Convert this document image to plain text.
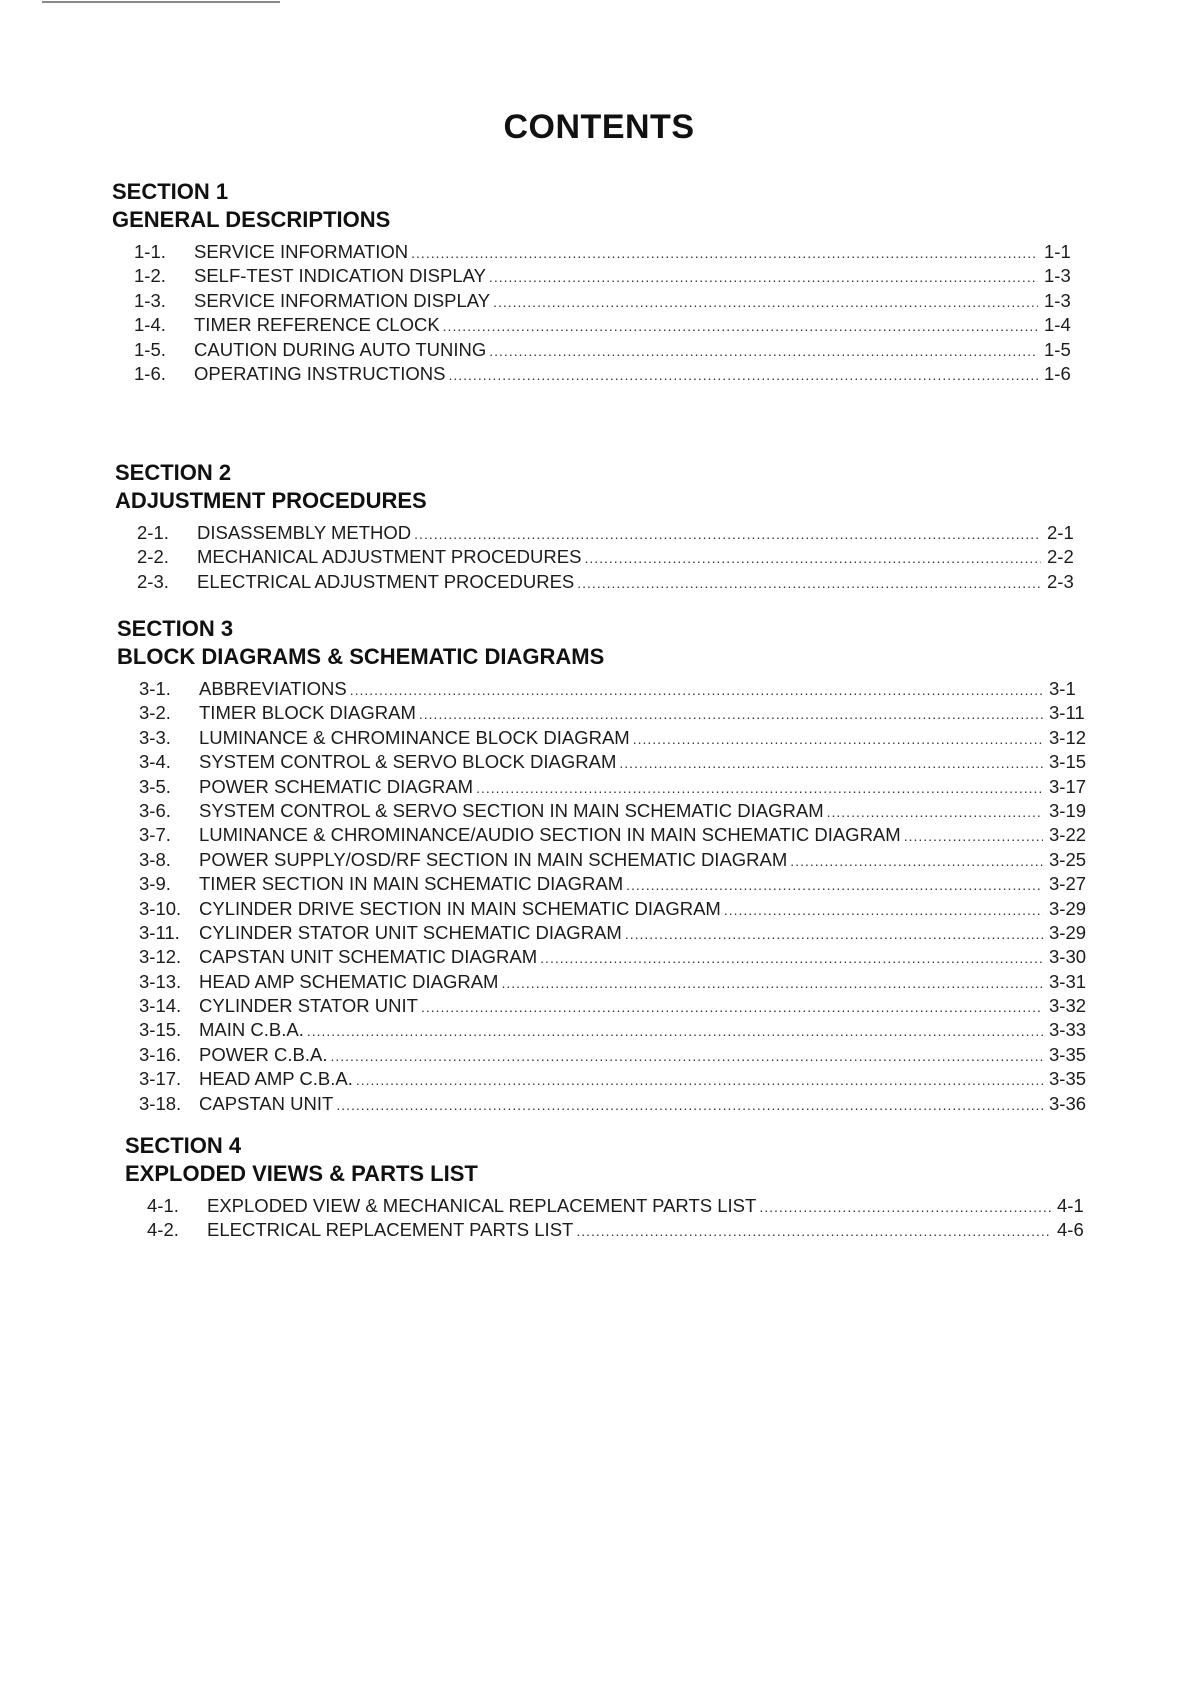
CONTENTS
SECTION 1
GENERAL DESCRIPTIONS
1-1.	SERVICE INFORMATION .....	1-1
1-2.	SELF-TEST INDICATION DISPLAY .....	1-3
1-3.	SERVICE INFORMATION DISPLAY .....	1-3
1-4.	TIMER REFERENCE CLOCK .....	1-4
1-5.	CAUTION DURING AUTO TUNING .....	1-5
1-6.	OPERATING INSTRUCTIONS .....	1-6
SECTION 2
ADJUSTMENT PROCEDURES
2-1.	DISASSEMBLY METHOD .....	2-1
2-2.	MECHANICAL ADJUSTMENT PROCEDURES .....	2-2
2-3.	ELECTRICAL ADJUSTMENT PROCEDURES .....	2-3
SECTION 3
BLOCK DIAGRAMS & SCHEMATIC DIAGRAMS
3-1.	ABBREVIATIONS .....	3-1
3-2.	TIMER BLOCK DIAGRAM .....	3-11
3-3.	LUMINANCE & CHROMINANCE BLOCK DIAGRAM .....	3-12
3-4.	SYSTEM CONTROL & SERVO BLOCK DIAGRAM .....	3-15
3-5.	POWER SCHEMATIC DIAGRAM .....	3-17
3-6.	SYSTEM CONTROL & SERVO SECTION IN MAIN SCHEMATIC DIAGRAM .....	3-19
3-7.	LUMINANCE & CHROMINANCE/AUDIO SECTION IN MAIN SCHEMATIC DIAGRAM .....	3-22
3-8.	POWER SUPPLY/OSD/RF SECTION IN MAIN SCHEMATIC DIAGRAM .....	3-25
3-9.	TIMER SECTION IN MAIN SCHEMATIC DIAGRAM .....	3-27
3-10. CYLINDER DRIVE SECTION IN MAIN SCHEMATIC DIAGRAM .....	3-29
3-11.	CYLINDER STATOR UNIT SCHEMATIC DIAGRAM .....	3-29
3-12. CAPSTAN UNIT SCHEMATIC DIAGRAM .....	3-30
3-13. HEAD AMP SCHEMATIC DIAGRAM .....	3-31
3-14. CYLINDER STATOR UNIT .....	3-32
3-15. MAIN C.B.A. .....	3-33
3-16. POWER C.B.A. .....	3-35
3-17. HEAD AMP C.B.A. .....	3-35
3-18. CAPSTAN UNIT .....	3-36
SECTION 4
EXPLODED VIEWS & PARTS LIST
4-1.	EXPLODED VIEW & MECHANICAL REPLACEMENT PARTS LIST .....	4-1
4-2.	ELECTRICAL REPLACEMENT PARTS LIST .....	4-6
